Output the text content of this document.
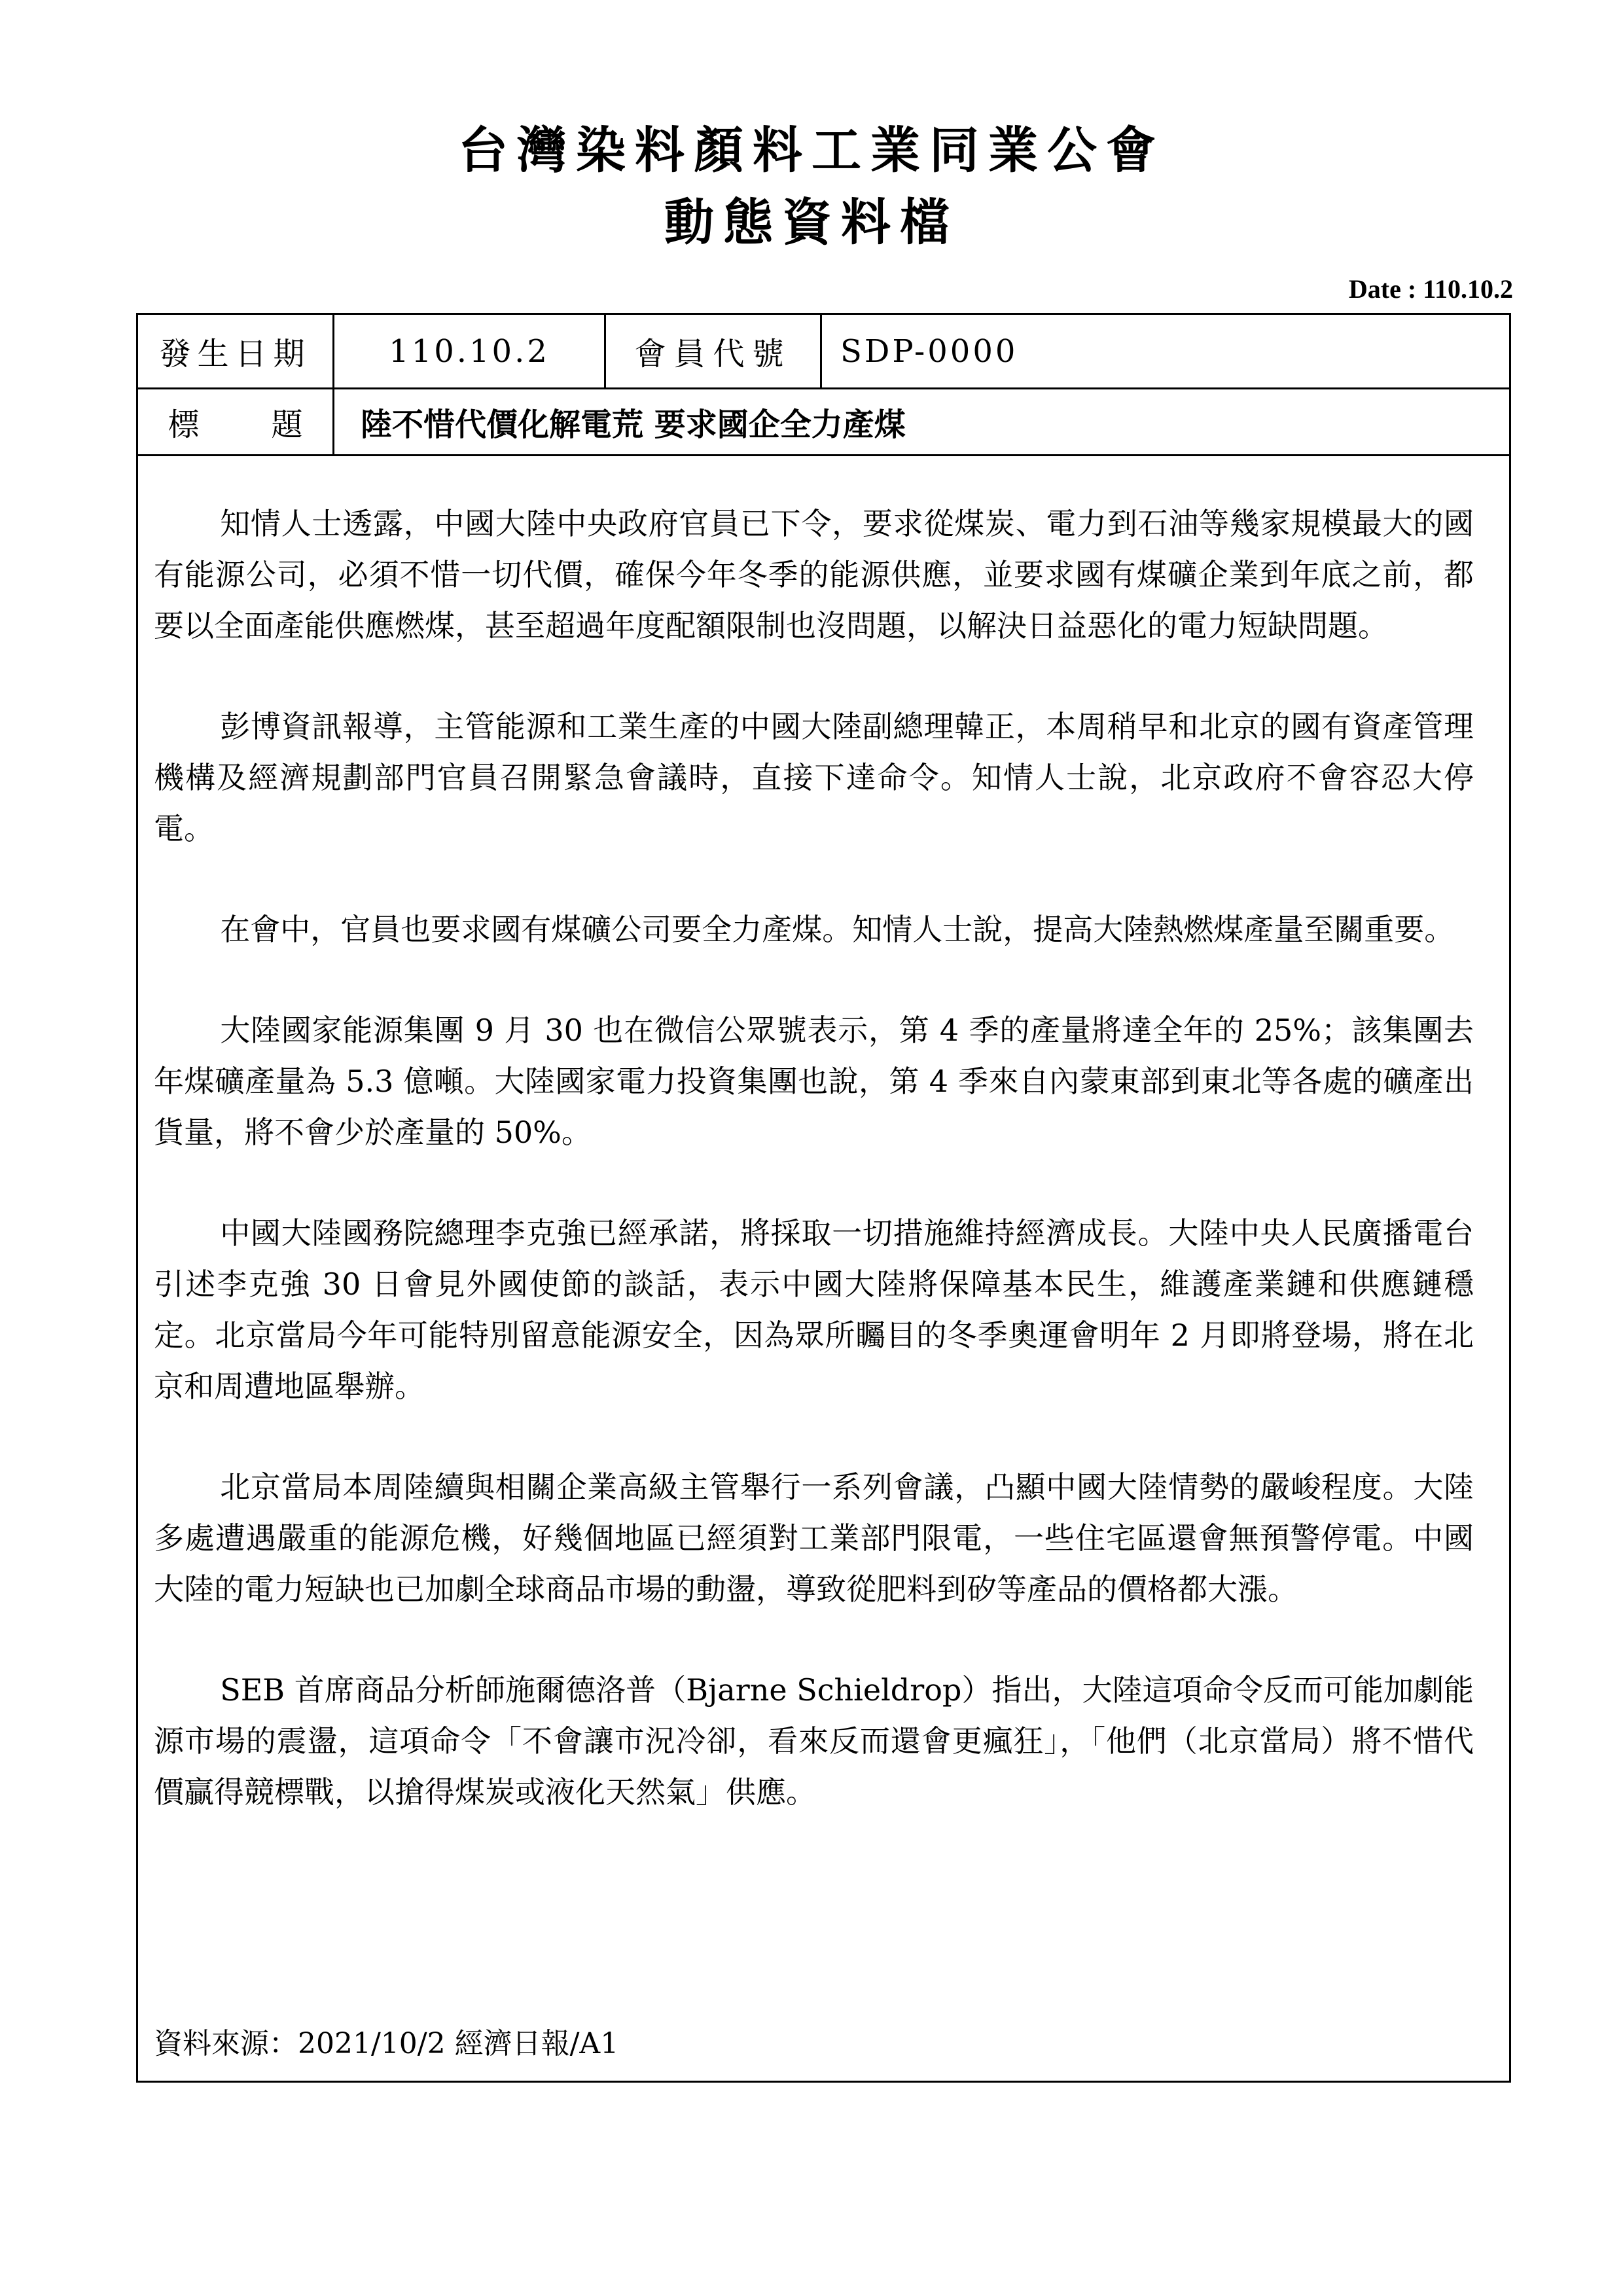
台灣染料顏料工業同業公會
動態資料檔
Date : 110.10.2
發生日期	110.10.2	會員代號	SDP-0000
標 題	陸不惜代價化解電荒 要求國企全力產煤

知情人士透露，中國大陸中央政府官員已下令，要求從煤炭、電力到石油等幾家規模最大的國有能源公司，必須不惜一切代價，確保今年冬季的能源供應，並要求國有煤礦企業到年底之前，都要以全面產能供應燃煤，甚至超過年度配額限制也沒問題，以解決日益惡化的電力短缺問題。

彭博資訊報導，主管能源和工業生產的中國大陸副總理韓正，本周稍早和北京的國有資產管理機構及經濟規劃部門官員召開緊急會議時，直接下達命令。知情人士說，北京政府不會容忍大停電。

在會中，官員也要求國有煤礦公司要全力產煤。知情人士說，提高大陸熱燃煤產量至關重要。

大陸國家能源集團 9 月 30 也在微信公眾號表示，第 4 季的產量將達全年的 25%；該集團去年煤礦產量為 5.3 億噸。大陸國家電力投資集團也說，第 4 季來自內蒙東部到東北等各處的礦產出貨量，將不會少於產量的 50%。

中國大陸國務院總理李克強已經承諾，將採取一切措施維持經濟成長。大陸中央人民廣播電台引述李克強 30 日會見外國使節的談話，表示中國大陸將保障基本民生，維護產業鏈和供應鏈穩定。北京當局今年可能特別留意能源安全，因為眾所矚目的冬季奧運會明年 2 月即將登場，將在北京和周遭地區舉辦。

北京當局本周陸續與相關企業高級主管舉行一系列會議，凸顯中國大陸情勢的嚴峻程度。大陸多處遭遇嚴重的能源危機，好幾個地區已經須對工業部門限電，一些住宅區還會無預警停電。中國大陸的電力短缺也已加劇全球商品市場的動盪，導致從肥料到矽等產品的價格都大漲。

SEB 首席商品分析師施爾德洛普（Bjarne Schieldrop）指出，大陸這項命令反而可能加劇能源市場的震盪，這項命令「不會讓市況冷卻，看來反而還會更瘋狂」，「他們（北京當局）將不惜代價贏得競標戰，以搶得煤炭或液化天然氣」供應。

資料來源：2021/10/2 經濟日報/A1
